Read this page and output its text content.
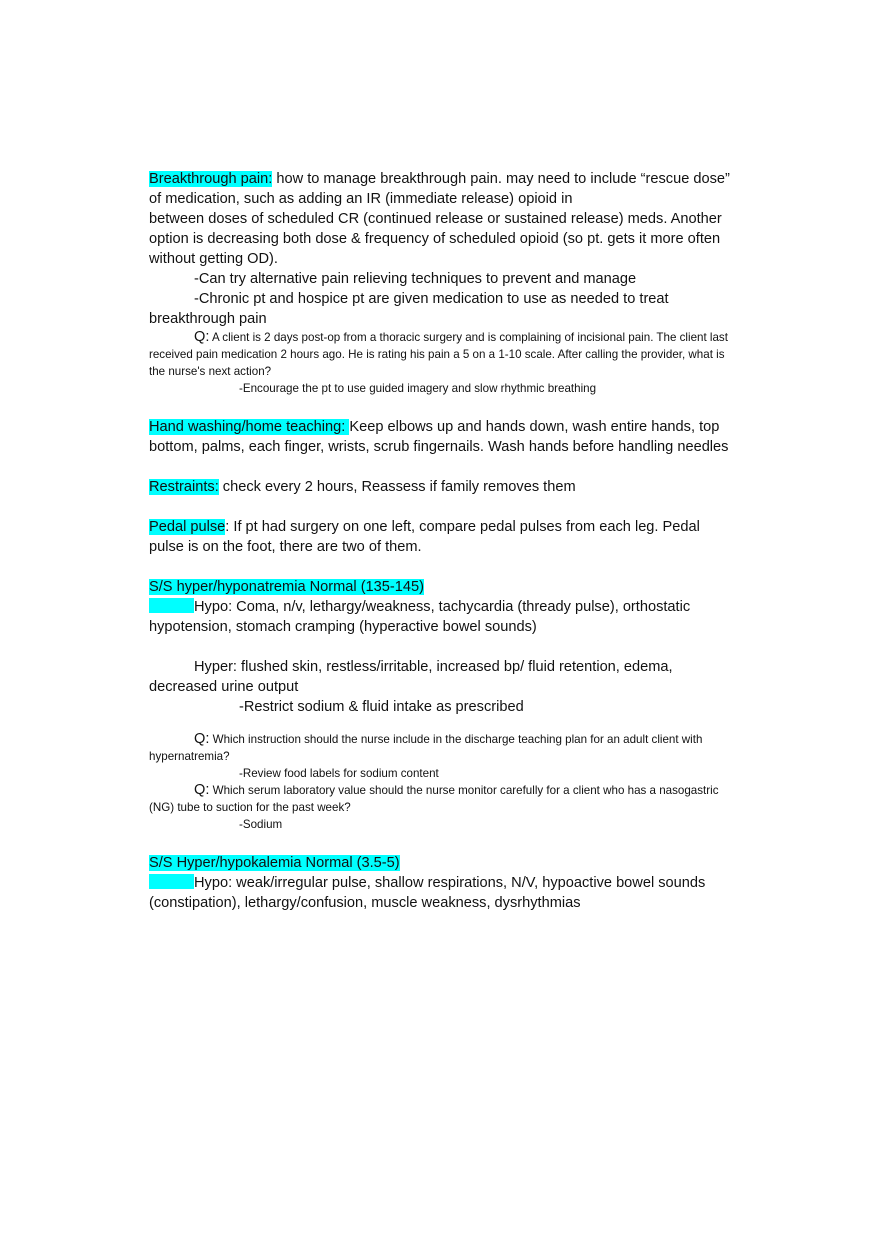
Breakthrough pain: how to manage breakthrough pain. may need to include “rescue dose” of medication, such as adding an IR (immediate release) opioid in

between doses of scheduled CR (continued release or sustained release) meds. Another option is decreasing both dose & frequency of scheduled opioid (so pt. gets it more often without getting OD).

-Can try alternative pain relieving techniques to prevent and manage

-Chronic pt and hospice pt are given medication to use as needed to treat breakthrough pain

Q: A client is 2 days post-op from a thoracic surgery and is complaining of incisional pain. The client last received pain medication 2 hours ago. He is rating his pain a 5 on a 1-10 scale. After calling the provider, what is the nurse's next action?

-Encourage the pt to use guided imagery and slow rhythmic breathing

Hand washing/home teaching: Keep elbows up and hands down, wash entire hands, top bottom, palms, each finger, wrists, scrub fingernails. Wash hands before handling needles

Restraints: check every 2 hours, Reassess if family removes them

Pedal pulse: If pt had surgery on one left, compare pedal pulses from each leg. Pedal pulse is on the foot, there are two of them.

S/S hyper/hyponatremia Normal (135-145)

Hypo: Coma, n/v, lethargy/weakness, tachycardia (thready pulse), orthostatic hypotension, stomach cramping (hyperactive bowel sounds)

Hyper: flushed skin, restless/irritable, increased bp/ fluid retention, edema, decreased urine output

-Restrict sodium & fluid intake as prescribed

Q: Which instruction should the nurse include in the discharge teaching plan for an adult client with hypernatremia?

-Review food labels for sodium content

Q: Which serum laboratory value should the nurse monitor carefully for a client who has a nasogastric (NG) tube to suction for the past week?

-Sodium

S/S Hyper/hypokalemia Normal (3.5-5)

Hypo: weak/irregular pulse, shallow respirations, N/V, hypoactive bowel sounds (constipation), lethargy/confusion, muscle weakness, dysrhythmias
